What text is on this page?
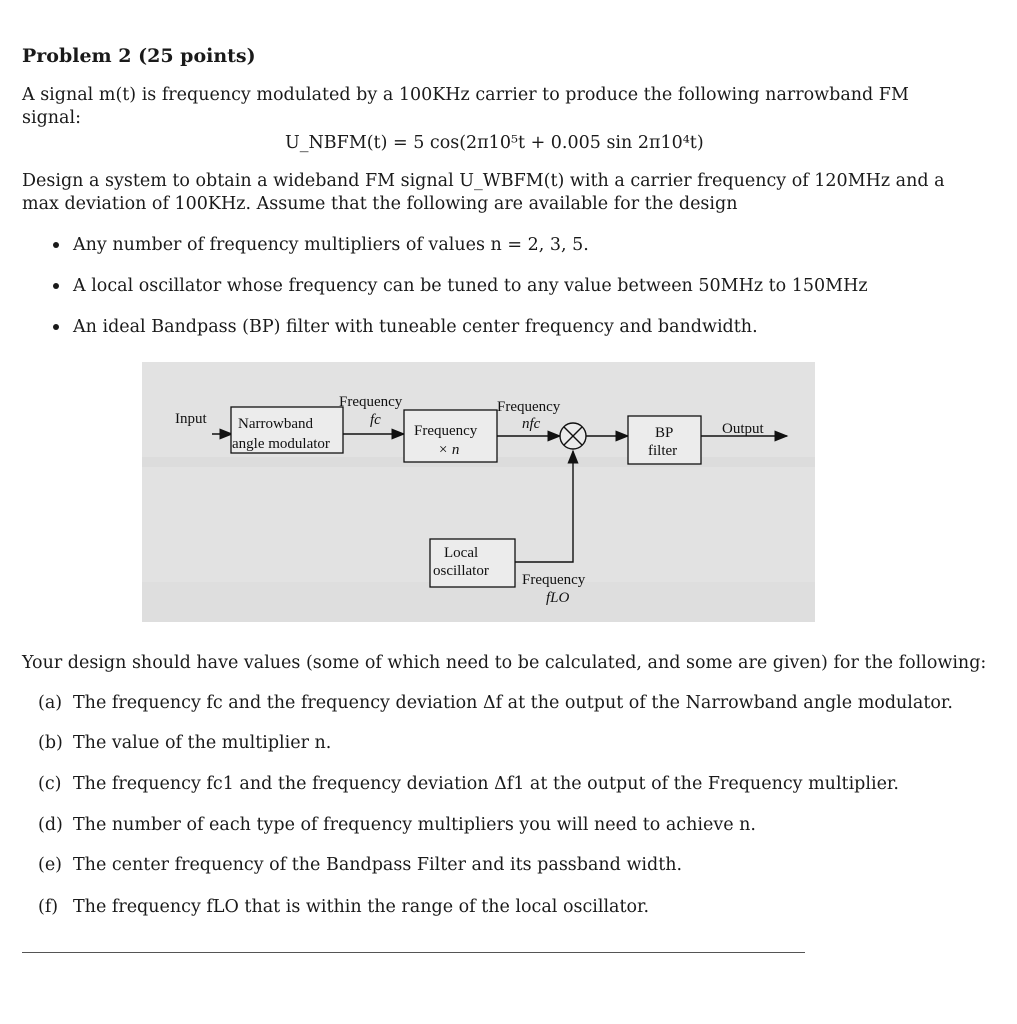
Problem 2 (25 points)
A signal m(t) is frequency modulated by a 100KHz carrier to produce the following narrowband FM
signal:
U_NBFM(t) = 5 cos(2π10⁵t + 0.005 sin 2π10⁴t)
Design a system to obtain a wideband FM signal U_WBFM(t) with a carrier frequency of 120MHz and a
max deviation of 100KHz. Assume that the following are available for the design
Any number of frequency multipliers of values n = 2, 3, 5.
A local oscillator whose frequency can be tuned to any value between 50MHz to 150MHz
An ideal Bandpass (BP) filter with tuneable center frequency and bandwidth.
Input Narrowband
angle modulator
Frequency
fc
Frequency
× n
Frequency
nfc
BP
filter
Output
Local
oscillator
Frequency
fLO
Your design should have values (some of which need to be calculated, and some are given) for the following:
(a) The frequency fc and the frequency deviation Δf at the output of the Narrowband angle modulator.
(b) The value of the multiplier n.
(c) The frequency fc1 and the frequency deviation Δf1 at the output of the Frequency multiplier.
(d) The number of each type of frequency multipliers you will need to achieve n.
(e) The center frequency of the Bandpass Filter and its passband width.
(f) The frequency fLO that is within the range of the local oscillator.
